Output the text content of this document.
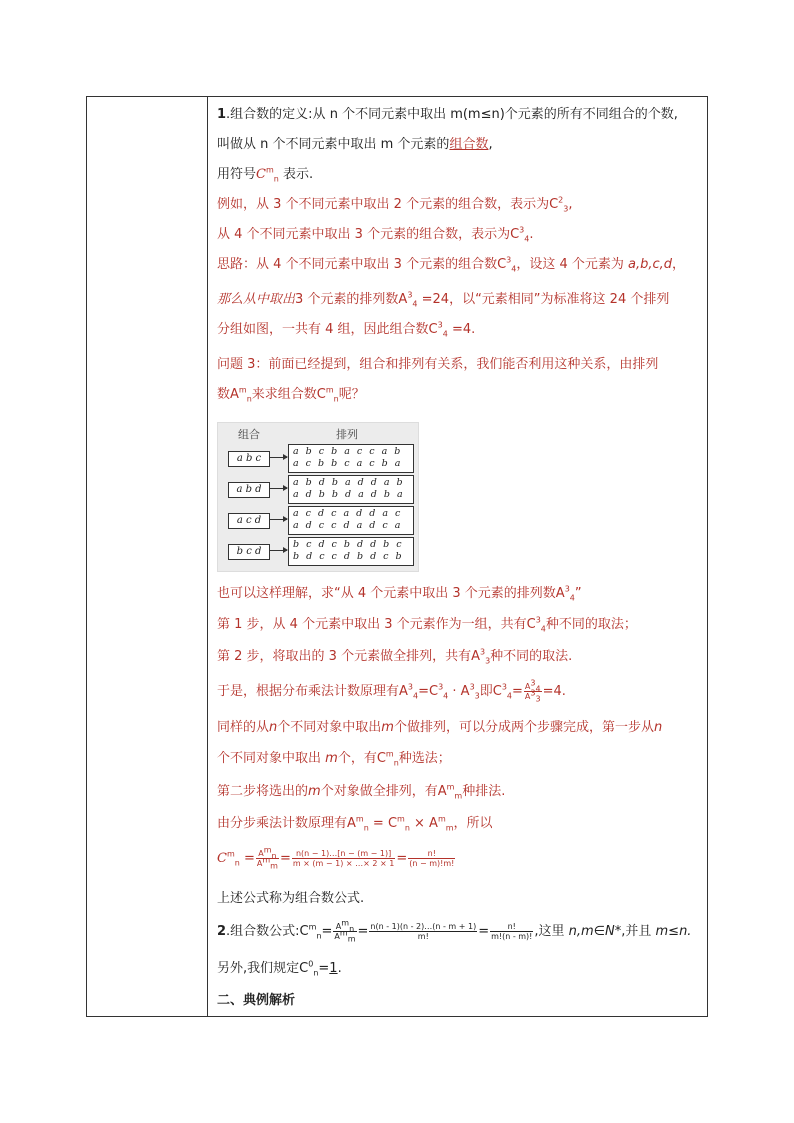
1.组合数的定义:从 n 个不同元素中取出 m(m≤n)个元素的所有不同组合的个数,
叫做从 n 个不同元素中取出 m 个元素的组合数,
用符号$C^m_n$ 表示.
例如，从 3 个不同元素中取出 2 个元素的组合数，表示为$C^2_3$,
从 4 个不同元素中取出 3 个元素的组合数，表示为$C^3_4$.
思路：从 4 个不同元素中取出 3 个元素的组合数$C^3_4$，设这 4 个元素为 a,b,c,d，
那么从中取出3 个元素的排列数$A^3_4 =24$，以“元素相同”为标准将这 24 个排列
分组如图，一共有 4 组，因此组合数$C^3_4 =4$.
问题 3：前面已经提到，组合和排列有关系，我们能否利用这种关系，由排列
数$A^m_n$来求组合数$C^m_n$呢？
组合	排列
a b c
a b c b a c c a b
a c b b c a c b a
a b d
a b d b a d d a b
a d b b d a d b a
a c d
a c d c a d d a c
a d c c d a d c a
b c d
b c d c b d d b c
b d c c d b d c b
也可以这样理解，求“从 4 个元素中取出 3 个元素的排列数$A^3_4$”
第 1 步，从 4 个元素中取出 3 个元素作为一组，共有$C^3_4$种不同的取法；
第 2 步，将取出的 3 个元素做全排列，共有$A^3_3$种不同的取法.
于是，根据分布乘法计数原理有$A^3_4=C^3_4 \cdot A^3_3$即$C^3_4= \frac{A^3_4}{A^3_3} =4$.
同样的从n个不同对象中取出m个做排列，可以分成两个步骤完成，第一步从n
个不同对象中取出 m个，有$C^m_n$种选法；
第二步将选出的m个对象做全排列，有$A^m_m$种排法.
由分步乘法计数原理有$A^m_n = C^m_n \times A^m_m$，所以
$C^m_n = \frac{A^m_n}{A^m_m} = \frac{n(n - 1)\dots[n - (m - 1)]}{m \times (m - 1) \times \dots\times 2 \times 1} = \frac{n!}{(n - m)!m!}$
上述公式称为组合数公式.
2.组合数公式$:C^m_n= \frac{A^m_n}{A^m_m} = \frac{n(n - 1)(n - 2)\dots(n - m + 1)}{m!} = \frac{n!}{m!(n - m)!}$ ,这里 n,m∈N*,并且 m≤n.
另外,我们规定$C^0_n=1$.
二、典例解析
